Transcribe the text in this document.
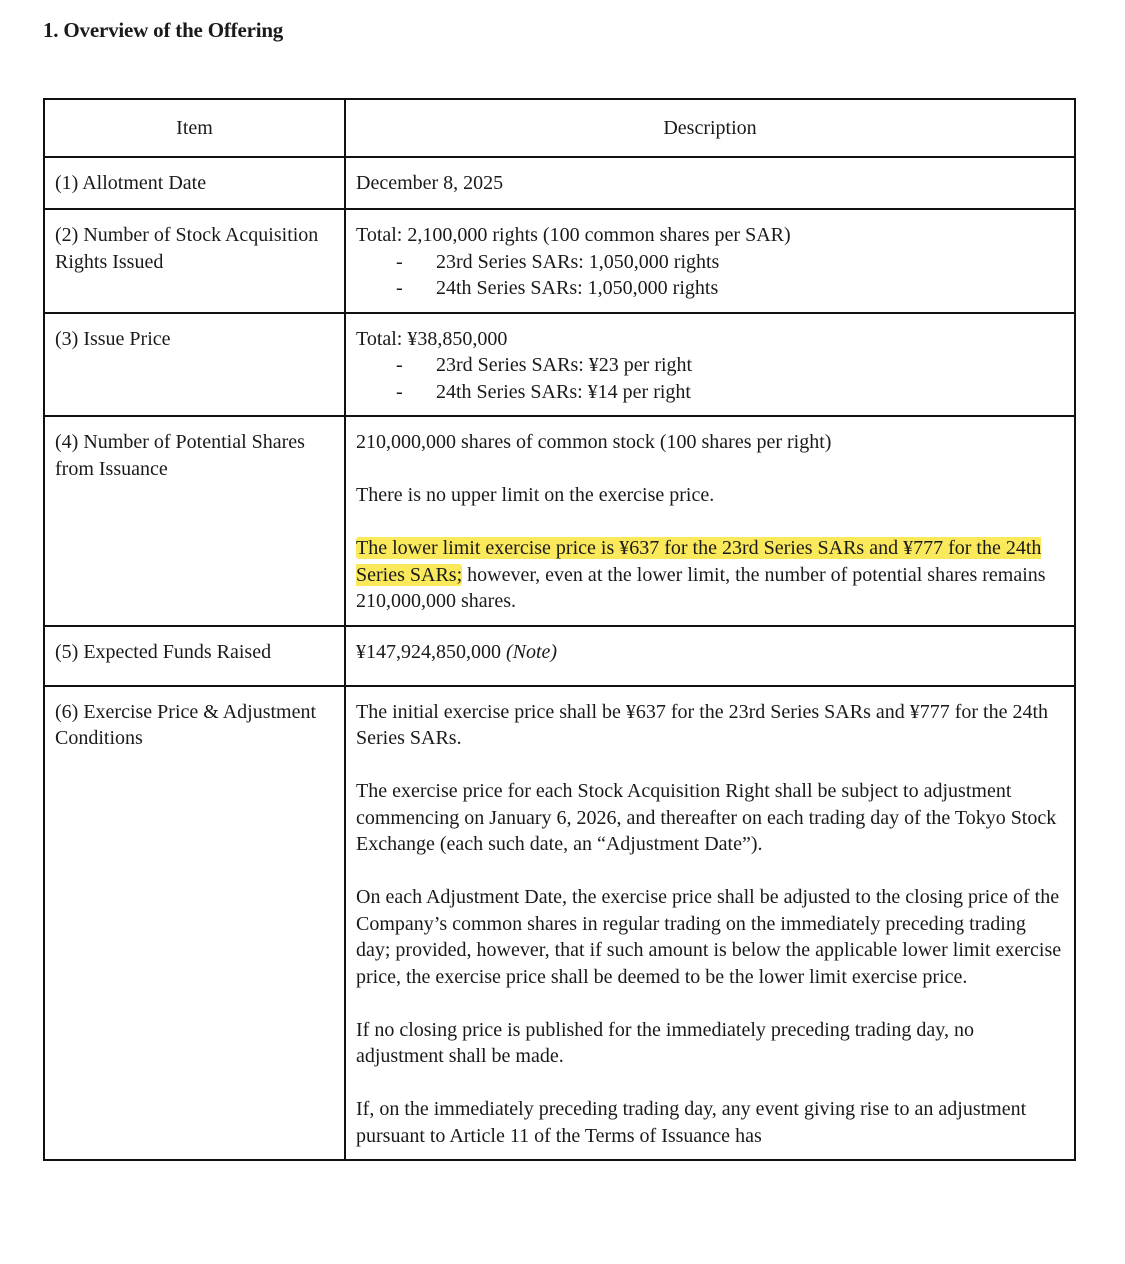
1. Overview of the Offering
Item	Description
(1) Allotment Date	December 8, 2025
(2) Number of Stock Acquisition Rights Issued	Total: 2,100,000 rights (100 common shares per SAR)
- 23rd Series SARs: 1,050,000 rights
- 24th Series SARs: 1,050,000 rights

(3) Issue Price	Total: ¥38,850,000
- 23rd Series SARs: ¥23 per right
- 24th Series SARs: ¥14 per right

(4) Number of Potential Shares from Issuance	210,000,000 shares of common stock (100 shares per right)

There is no upper limit on the exercise price.

The lower limit exercise price is ¥637 for the 23rd Series SARs and ¥777 for the 24th Series SARs; however, even at the lower limit, the number of potential shares remains 210,000,000 shares.

(5) Expected Funds Raised	¥147,924,850,000 (Note)
(6) Exercise Price & Adjustment Conditions	The initial exercise price shall be ¥637 for the 23rd Series SARs and ¥777 for the 24th Series SARs.

The exercise price for each Stock Acquisition Right shall be subject to adjustment commencing on January 6, 2026, and thereafter on each trading day of the Tokyo Stock Exchange (each such date, an “Adjustment Date”).

On each Adjustment Date, the exercise price shall be adjusted to the closing price of the Company’s common shares in regular trading on the immediately preceding trading day; provided, however, that if such amount is below the applicable lower limit exercise price, the exercise price shall be deemed to be the lower limit exercise price.

If no closing price is published for the immediately preceding trading day, no adjustment shall be made.

If, on the immediately preceding trading day, any event giving rise to an adjustment pursuant to Article 11 of the Terms of Issuance has
